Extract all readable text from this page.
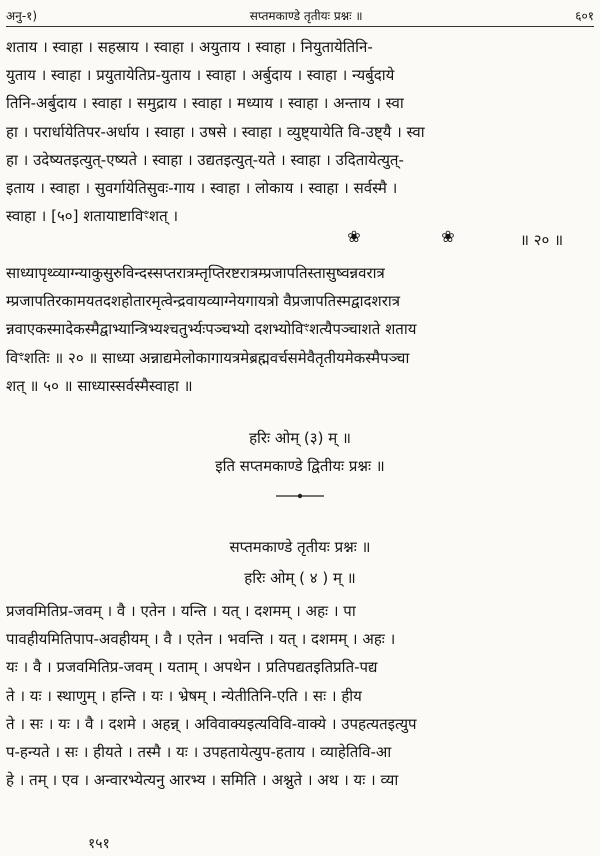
अनु-१)	सप्तमकाण्डे तृतीयः प्रश्नः ॥	६०१
शताय । स्वाहा । सहस्राय । स्वाहा । अयुताय । स्वाहा । नियुतायेतिनि-
युताय । स्वाहा । प्रयुतायेतिप्र-युताय । स्वाहा । अर्बुदाय । स्वाहा । न्यर्बुदाये
तिनि-अर्बुदाय । स्वाहा । समुद्राय । स्वाहा । मध्याय । स्वाहा । अन्ताय । स्वा
हा । परार्धायेतिपर-अर्धाय । स्वाहा । उषसे । स्वाहा । व्युष्ट्यायेति वि-उष्ट्यै । स्वा
हा । उदेष्यतइत्युत्-एष्यते । स्वाहा । उद्यतइत्युत्-यते । स्वाहा । उदितायेत्युत्-
इताय । स्वाहा । सुवर्गायेतिसुवः-गाय । स्वाहा । लोकाय । स्वाहा । सर्वस्मै ।
स्वाहा । [५०] शतायाष्टाविꣳशत् ।
❀	❀	॥ २० ॥
साध्यापृथ्व्याग्न्याकुसुरुविन्दस्सप्तरात्रम्तृप्तिरष्टरात्रम्प्रजापतिस्तासुष्वन्नवरात्र
म्प्रजापतिरकामयतदशहोतारमृत्वेन्द्रवायव्याग्नेयगायत्रो वैप्रजापतिस्मद्वादशरात्र
न्नवाएकस्मादेकस्मैद्वाभ्यान्त्रिभ्यश्चतुर्भ्यःपञ्चभ्यो दशभ्योविꣳशत्यैपञ्चाशते शताय
विꣳशतिः ॥ २० ॥ साध्या अन्नाद्यमेलोकागायत्रमेब्रह्मवर्चसमेवैतृतीयमेकस्मैपञ्चा
शत् ॥ ५० ॥ साध्यास्सर्वस्मैस्वाहा ॥
हरिः ओम् (३) म् ॥
इति सप्तमकाण्डे द्वितीयः प्रश्नः ॥
सप्तमकाण्डे तृतीयः प्रश्नः ॥
हरिः ओम् ( ४ ) म् ॥
प्रजवमितिप्र-जवम् । वै । एतेन । यन्ति । यत् । दशमम् । अहः । पा
पावहीयमितिपाप-अवहीयम् । वै । एतेन । भवन्ति । यत् । दशमम् । अहः ।
यः । वै । प्रजवमितिप्र-जवम् । यताम् । अपथेन । प्रतिपद्यतइतिप्रति-पद्य
ते । यः । स्थाणुम् । हन्ति । यः । भ्रेषम् । न्येतीतिनि-एति । सः । हीय
ते । सः । यः । वै । दशमे । अहन्न् । अविवाक्यइत्यविवि-वाक्ये । उपहत्यतइत्युप
प-हन्यते । सः । हीयते । तस्मै । यः । उपहतायेत्युप-हताय । व्याहेतिवि-आ
हे । तम् । एव । अन्वारभ्येत्यनु आरभ्य । समिति । अश्नुते । अथ । यः । व्या
१५१
